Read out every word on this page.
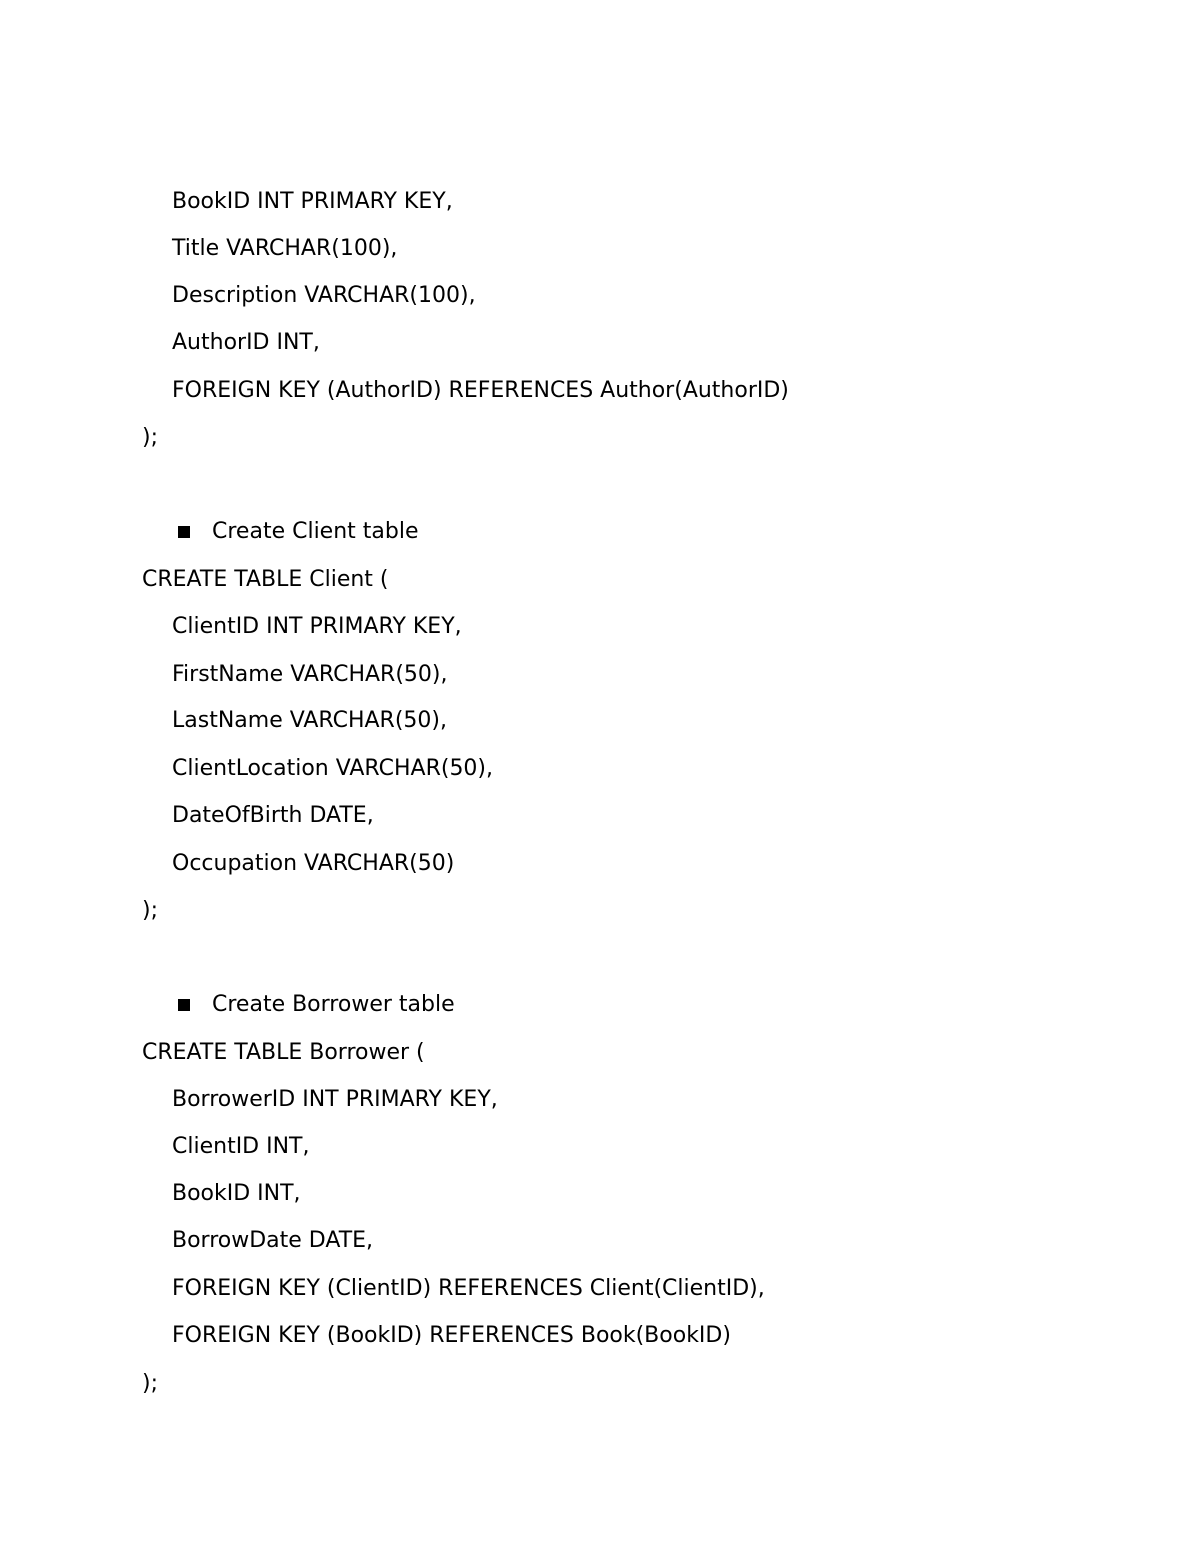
BookID INT PRIMARY KEY,
Title VARCHAR(100),
Description VARCHAR(100),
AuthorID INT,
FOREIGN KEY (AuthorID) REFERENCES Author(AuthorID)
);
Create Client table
CREATE TABLE Client (
ClientID INT PRIMARY KEY,
FirstName VARCHAR(50),
LastName VARCHAR(50),
ClientLocation VARCHAR(50),
DateOfBirth DATE,
Occupation VARCHAR(50)
);
Create Borrower table
CREATE TABLE Borrower (
BorrowerID INT PRIMARY KEY,
ClientID INT,
BookID INT,
BorrowDate DATE,
FOREIGN KEY (ClientID) REFERENCES Client(ClientID),
FOREIGN KEY (BookID) REFERENCES Book(BookID)
);
